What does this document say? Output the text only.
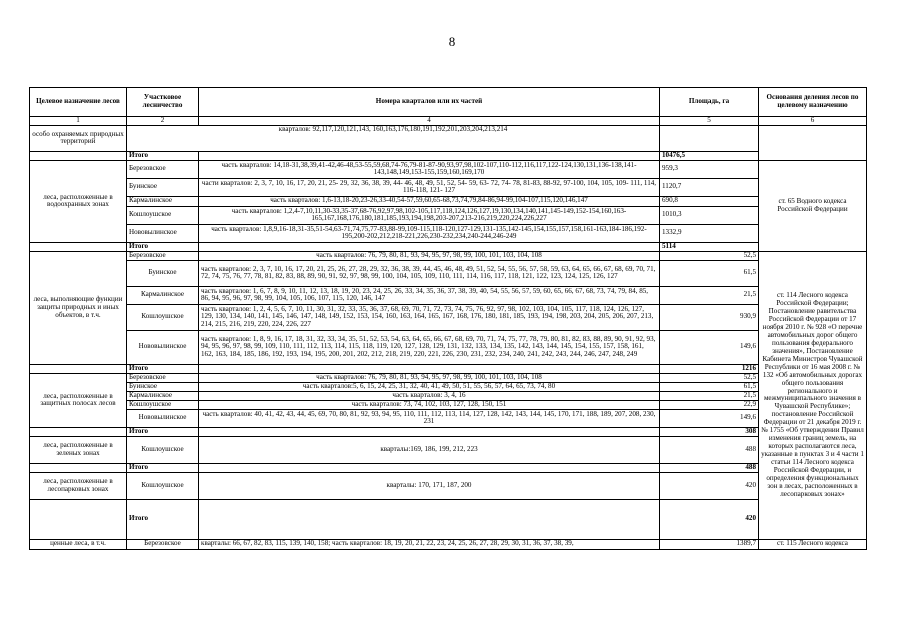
8
Целевое назначение лесов	Участковое лесничество	Номера кварталов или их частей	Площадь, га	Основания деления лесов по целевому назначению
1	2	4	5	6
особо охраняемых природных территорий	кварталов: 92,117,120,121,143, 160,163,176,180,191,192,201,203,204,213,214			
	Итого		10476,5	
леса, расположенные в водоохранных зонах	Березовское	часть кварталов: 14,18-31,38,39,41-42,46-48,53-55,59,68,74-76,79-81-87-90,93,97,98,102-107,110-112,116,117,122-124,130,131,136-138,141-143,148,149,153-155,159,160,169,170	959,3	ст. 65 Водного кодекса Российской Федерации
	Буинское	части кварталов: 2, 3, 7, 10, 16, 17, 20, 21, 25- 29, 32, 36, 38, 39, 44- 46, 48, 49, 51, 52, 54- 59, 63- 72, 74- 78, 81-83, 88-92, 97-100, 104, 105, 109- 111, 114, 116-118, 121- 127	1120,7	
	Кармалинское	часть кварталов: 1,6-13,18-20,23-26,33-40,54-57,59,60,65-68,73,74,79,84-86,94-99,104-107,115,120,146,147	690,8	
	Кошлоушское	часть кварталов: 1,2,4-7,10,11,30-33,35-37,68-76,92,97,98,102-105,117,118,124,126,127,19,130,134,140,141,145-149,152-154,160,163-165,167,168,176,180,181,185,193,194,198,203-207,213-216,219,220,224,226,227	1010,3	
	Нововылинское	часть кварталов: 1,8,9,16-18,31-35,51-54,63-71,74,75,77-83,88-99,109-115,118-120,127-129,131-135,142-145,154,155,157,158,161-163,184-186,192-195,200-202,212,218-221,226,230-232,234,240-244,246-249	1332,9	
	Итого		5114	
леса, выполняющие функции защиты природных и иных объектов, в т.ч.	Березовское	часть кварталов: 76, 79, 80, 81, 93, 94, 95, 97, 98, 99, 100, 101, 103, 104, 108	52,5	ст. 114 Лесного кодекса Российской Федерации; Постановление равительства Российской Федерации от 17 ноября 2010 г. № 928 «О перечне автомобильных дорог общего пользования федерального значения», Постановление Кабинета Министров Чувашской Республики от 16 мая 2008 г. № 132 «Об автомобильных дорогах общего пользования регионального и межмуниципального значения в Чувашской Республике»; постановление Российской Федерации от 21 декабря 2019 г. № 1755 «Об утверждении Правил изменения границ земель, на которых располагаются леса, указанные в пунктах 3 и 4 части 1 статьи 114 Лесного кодекса Российской Федерации, и определения функциональных зон в лесах, расположенных в лесопарковых зонах»
	Буинское	часть кварталов: 2, 3, 7, 10, 16, 17, 20, 21, 25, 26, 27, 28, 29, 32, 36, 38, 39, 44, 45, 46, 48, 49, 51, 52, 54, 55, 56, 57, 58, 59, 63, 64, 65, 66, 67, 68, 69, 70, 71, 72, 74, 75, 76, 77, 78, 81, 82, 83, 88, 89, 90, 91, 92, 97, 98, 99, 100, 104, 105, 109, 110, 111, 114, 116, 117, 118, 121, 122, 123, 124, 125, 126, 127	61,5	
	Кармалинское	часть кварталов: 1, 6, 7, 8, 9, 10, 11, 12, 13, 18, 19, 20, 23, 24, 25, 26, 33, 34, 35, 36, 37, 38, 39, 40, 54, 55, 56, 57, 59, 60, 65, 66, 67, 68, 73, 74, 79, 84, 85, 86, 94, 95, 96, 97, 98, 99, 104, 105, 106, 107, 115, 120, 146, 147	21,5	
	Кошлоушское	часть кварталов: 1, 2, 4, 5, 6, 7, 10, 11, 30, 31, 32, 33, 35, 36, 37, 68, 69, 70, 71, 72, 73, 74, 75, 76, 92, 97, 98, 102, 103, 104, 105, 117, 118, 124, 126, 127, 129, 130, 134, 140, 141, 145, 146, 147, 148, 149, 152, 153, 154, 160, 163, 164, 165, 167, 168, 176, 180, 181, 185, 193, 194, 198, 203, 204, 205, 206, 207, 213, 214, 215, 216, 219, 220, 224, 226, 227	930,9	
	Нововылинское	часть кварталов: 1, 8, 9, 16, 17, 18, 31, 32, 33, 34, 35, 51, 52, 53, 54, 63, 64, 65, 66, 67, 68, 69, 70, 71, 74, 75, 77, 78, 79, 80, 81, 82, 83, 88, 89, 90, 91, 92, 93, 94, 95, 96, 97, 98, 99, 109, 110, 111, 112, 113, 114, 115, 118, 119, 120, 127, 128, 129, 131, 132, 133, 134, 135, 142, 143, 144, 145, 154, 155, 157, 158, 161, 162, 163, 184, 185, 186, 192, 193, 194, 195, 200, 201, 202, 212, 218, 219, 220, 221, 226, 230, 231, 232, 234, 240, 241, 242, 243, 244, 246, 247, 248, 249	149,6	
	Итого		1216	
леса, расположенные в защитных полосах лесов	Березовское	часть кварталов: 76, 79, 80, 81, 93, 94, 95, 97, 98, 99, 100, 101, 103, 104, 108	52,5	
	Буинское	часть кварталов:5, 6, 15, 24, 25, 31, 32, 40, 41, 49, 50, 51, 55, 56, 57, 64, 65, 73, 74, 80	61,5	
	Кармалинское	часть кварталов: 3, 4, 16	21,5	
	Кошлоушское	часть кварталов: 73, 74, 102, 103, 127, 128, 150, 151	22,9	
	Нововылинское	часть кварталов: 40, 41, 42, 43, 44, 45, 69, 70, 80, 81, 92, 93, 94, 95, 110, 111, 112, 113, 114, 127, 128, 142, 143, 144, 145, 170, 171, 188, 189, 207, 208, 230, 231	149,6	
	Итого		308	
леса, расположенные в зеленых зонах	Кошлоушское	кварталы:169, 186, 199, 212, 223	488	
	Итого		488	
леса, расположенные в лесопарковых зонах	Кошлоушское	кварталы: 170, 171, 187, 200	420	
	Итого		420	
ценные леса, в т.ч.	Березовское	кварталы: 66, 67, 82, 83, 115, 139, 140, 158; часть кварталов: 18, 19, 20, 21, 22, 23, 24, 25, 26, 27, 28, 29, 30, 31, 36, 37, 38, 39,	1389,7	ст. 115 Лесного кодекса
